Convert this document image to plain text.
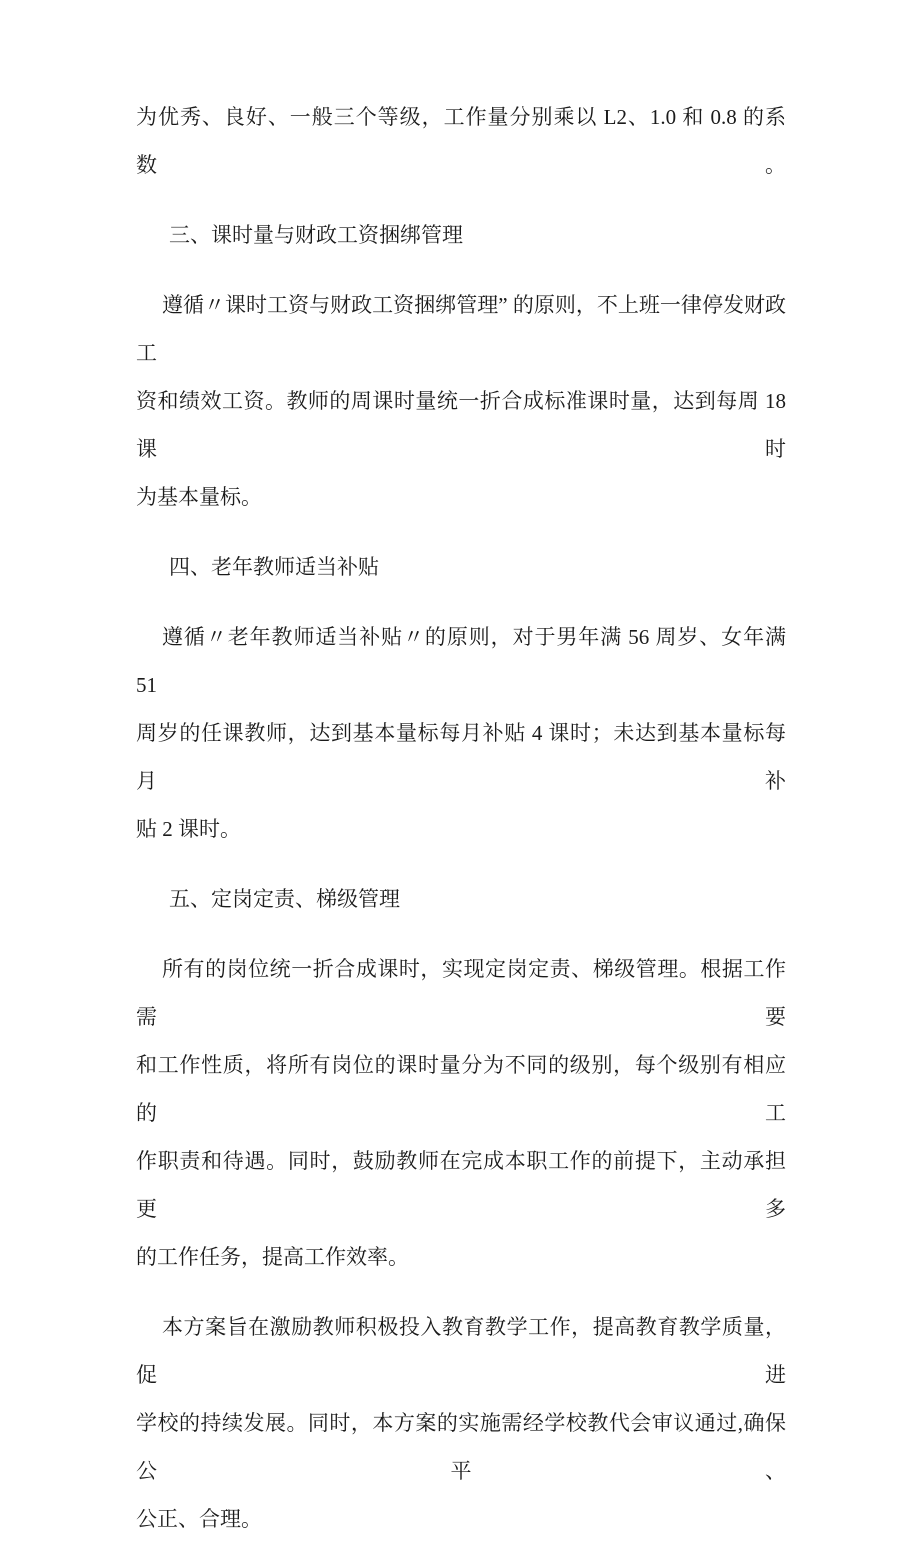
为优秀、良好、一般三个等级，工作量分别乘以 L2、1.0 和 0.8 的系数。
三、课时量与财政工资捆绑管理
遵循〃课时工资与财政工资捆绑管理” 的原则，不上班一律停发财政工
资和绩效工资。教师的周课时量统一折合成标准课时量，达到每周 18 课时
为基本量标。
四、老年教师适当补贴
遵循〃老年教师适当补贴〃的原则，对于男年满 56 周岁、女年满 51
周岁的任课教师，达到基本量标每月补贴 4 课时；未达到基本量标每月补
贴 2 课时。
五、定岗定责、梯级管理
所有的岗位统一折合成课时，实现定岗定责、梯级管理。根据工作需要
和工作性质，将所有岗位的课时量分为不同的级别，每个级别有相应的工
作职责和待遇。同时，鼓励教师在完成本职工作的前提下，主动承担更多
的工作任务，提高工作效率。
本方案旨在激励教师积极投入教育教学工作，提高教育教学质量，促进
学校的持续发展。同时，本方案的实施需经学校教代会审议通过,确保公平、
公正、合理。
